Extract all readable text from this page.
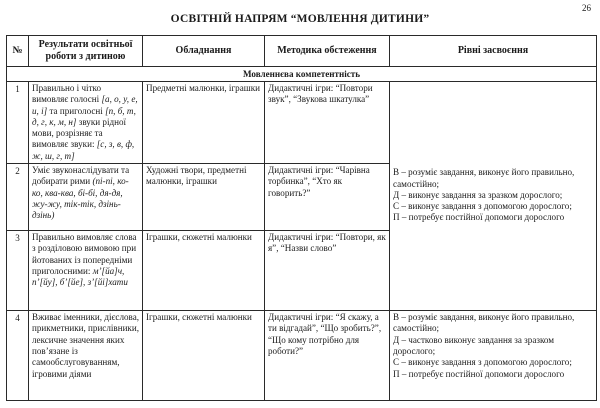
26
ОСВІТНІЙ НАПРЯМ “МОВЛЕННЯ ДИТИНИ”
№	Результати освітньої роботи з дитиною	Обладнання	Методика обстеження	Рівні засвоєння
Мовленнєва компетентність				
1	Правильно і чітко вимовляє голосні [а, о, у, е, и, і] та приголосні [п, б, т, д, г, к, м, н] звуки рідної мови, розрізняє та вимовляє звуки: [с, з, в, ф, ж, ш, г, т]	Предметні малюнки, іграшки	Дидактичні ігри: “Повтори звук”, “Звукова шкатулка”	В – розуміє завдання, виконує його правильно, самостійно;

Д – виконує завдання за зразком дорослого;

С – виконує завдання з допомогою дорослого;

П – потребує постійної допомоги дорослого

2	Уміє звуконаслідувати та добирати рими (пі-пі, ко-ко, ква-ква, бі-бі, дя-дя, жу-жу, тік-тік, дзінь-дзінь)	Художні твори, предметні малюнки, іграшки	Дидактичні ігри: “Чарівна торбинка”, “Хто як говорить?”	
3	Правильно вимовляє слова з розділовою вимовою при йотованих із попередніми приголосними: м’[йа]ч, п’[йу], б’[йе], з’[йі]хати	Іграшки, сюжетні малюнки	Дидактичні ігри: “Повтори, як я”, “Назви слово”	
4	Вживає іменники, дієслова, прикметники, прислівники, лексичне значення яких пов’язане із самообслуговуванням, ігровими діями	Іграшки, сюжетні малюнки	Дидактичні ігри: “Я скажу, а ти відгадай”, “Що зробить?”, “Що кому потрібно для роботи?”	В – розуміє завдання, виконує його правильно, самостійно;

Д – частково виконує завдання за зразком дорослого;

С – виконує завдання з допомогою дорослого;

П – потребує постійної допомоги дорослого
